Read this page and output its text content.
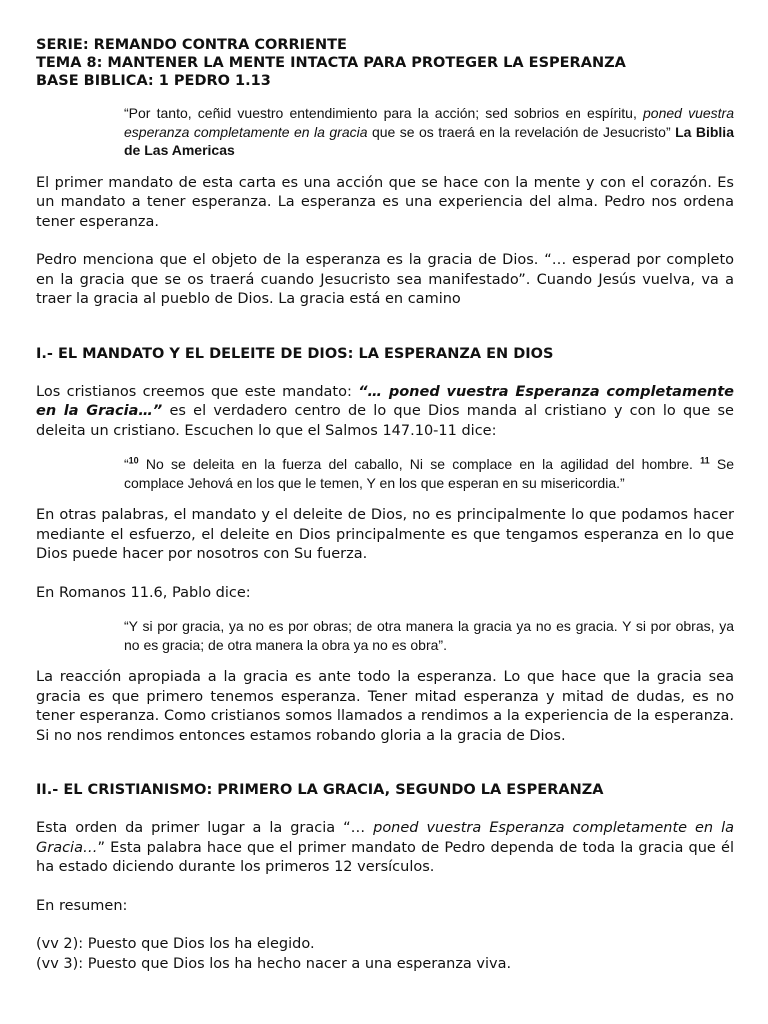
SERIE: REMANDO CONTRA CORRIENTE

TEMA 8: MANTENER LA MENTE INTACTA PARA PROTEGER LA ESPERANZA

BASE BIBLICA: 1 PEDRO 1.13

“Por tanto, ceñid vuestro entendimiento para la acción; sed sobrios en espíritu, poned vuestra esperanza completamente en la gracia que se os traerá en la revelación de Jesucristo” La Biblia de Las Americas

El primer mandato de esta carta es una acción que se hace con la mente y con el corazón. Es un mandato a tener esperanza. La esperanza es una experiencia del alma. Pedro nos ordena tener esperanza.

Pedro menciona que el objeto de la esperanza es la gracia de Dios. “… esperad por completo en la gracia que se os traerá cuando Jesucristo sea manifestado”. Cuando Jesús vuelva, va a traer la gracia al pueblo de Dios. La gracia está en camino

I.- EL MANDATO Y EL DELEITE DE DIOS: LA ESPERANZA EN DIOS

Los cristianos creemos que este mandato: “… poned vuestra Esperanza completamente en la Gracia…” es el verdadero centro de lo que Dios manda al cristiano y con lo que se deleita un cristiano. Escuchen lo que el Salmos 147.10-11 dice:

“$^{10}$ No se deleita en la fuerza del caballo, Ni se complace en la agilidad del hombre. $^{11}$ Se complace Jehová en los que le temen, Y en los que esperan en su misericordia.”

En otras palabras, el mandato y el deleite de Dios, no es principalmente lo que podamos hacer mediante el esfuerzo, el deleite en Dios principalmente es que tengamos esperanza en lo que Dios puede hacer por nosotros con Su fuerza.

En Romanos 11.6, Pablo dice:

“Y si por gracia, ya no es por obras; de otra manera la gracia ya no es gracia. Y si por obras, ya no es gracia; de otra manera la obra ya no es obra”.

La reacción apropiada a la gracia es ante todo la esperanza. Lo que hace que la gracia sea gracia es que primero tenemos esperanza. Tener mitad esperanza y mitad de dudas, es no tener esperanza. Como cristianos somos llamados a rendimos a la experiencia de la esperanza. Si no nos rendimos entonces estamos robando gloria a la gracia de Dios.

II.- EL CRISTIANISMO: PRIMERO LA GRACIA, SEGUNDO LA ESPERANZA

Esta orden da primer lugar a la gracia “… poned vuestra Esperanza completamente en la Gracia…” Esta palabra hace que el primer mandato de Pedro dependa de toda la gracia que él ha estado diciendo durante los primeros 12 versículos.

En resumen:

(vv 2): Puesto que Dios los ha elegido.

(vv 3): Puesto que Dios los ha hecho nacer a una esperanza viva.
